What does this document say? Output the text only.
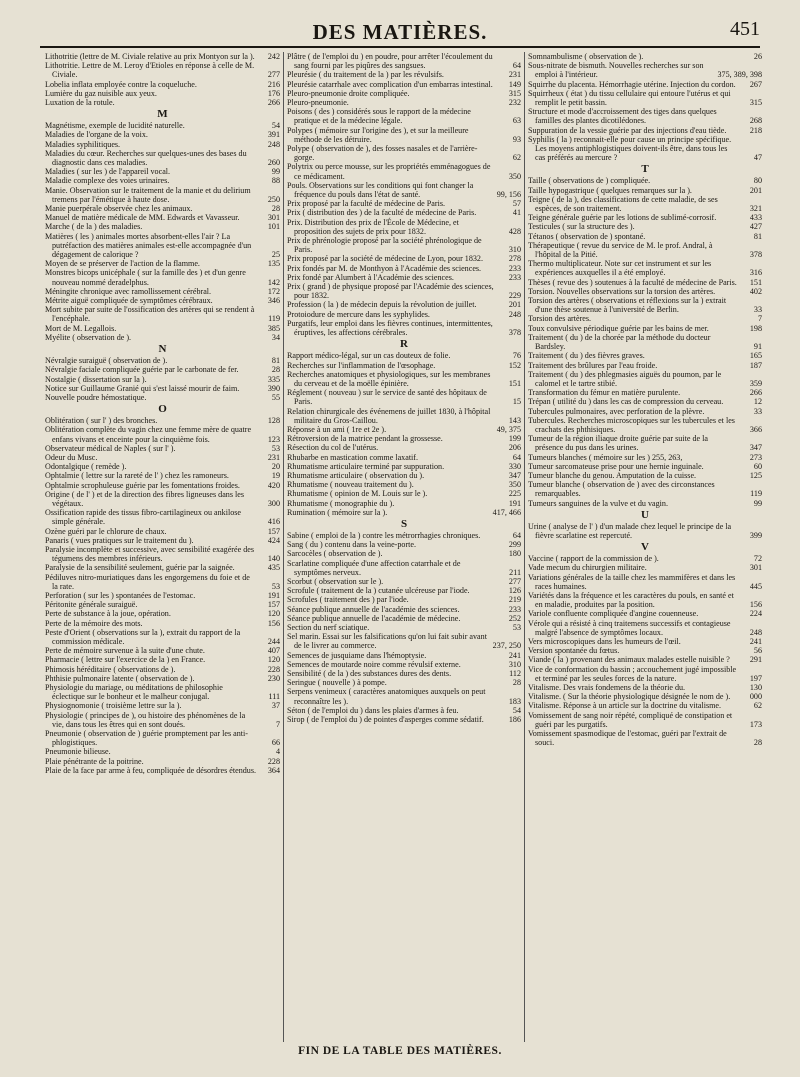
DES MATIÈRES.	451
Lithotritie (lettre de M. Civiale relative au prix Montyon sur la ).	242
Lithotritie. Lettre de M. Leroy d'Etioles en réponse à celle de M. Civiale.	277
Lobelia inflata employée contre la coqueluche.	216
Lumière du gaz nuisible aux yeux.	176
Luxation de la rotule.	266
M
Magnétisme, exemple de lucidité naturelle.	54
Maladies de l'organe de la voix.	391
Maladies syphilitiques.	248
Maladies du cœur. Recherches sur quelques-unes des bases du diagnostic dans ces maladies.	260
Maladies ( sur les ) de l'appareil vocal.	99
Maladie complexe des voies urinaires.	88
Manie. Observation sur le traitement de la manie et du delirium tremens par l'émétique à haute dose.	250
Manie puerpérale observée chez les animaux.	28
Manuel de matière médicale de MM. Edwards et Vavasseur.	301
Marche ( de la ) des maladies.	101
Matières ( les ) animales mortes absorbent-elles l'air ? La putréfaction des matières animales est-elle accompagnée d'un dégagement de calorique ?	25
Moyen de se préserver de l'action de la flamme.	135
Monstres bicops unicéphale ( sur la famille des ) et d'un genre nouveau nommé deradelphus.	142
Méningite chronique avec ramollissement cérébral.	172
Métrite aiguë compliquée de symptômes cérébraux.	346
Mort subite par suite de l'ossification des artères qui se rendent à l'encéphale.	119
Mort de M. Legallois.	385
Myélite ( observation de ).	34
N
Névralgie suraiguë ( observation de ).	81
Névralgie faciale compliquée guérie par le carbonate de fer.	28
Nostalgie ( dissertation sur la ).	335
Notice sur Guillaume Granié qui s'est laissé mourir de faim.	390
Nouvelle poudre hémostatique.	55
O
Oblitération ( sur l' ) des bronches.	128
Oblitération complète du vagin chez une femme mère de quatre enfans vivans et enceinte pour la cinquième fois.	123
Observateur médical de Naples ( sur l' ).	53
Odeur du Musc.	231
Odontalgique ( remède ).	20
Ophtalmie ( lettre sur la rareté de l' ) chez les ramoneurs.	19
Ophtalmie scrophuleuse guérie par les fomentations froides.	420
Origine ( de l' ) et de la direction des fibres ligneuses dans les végétaux.	300
Ossification rapide des tissus fibro-cartilagineux ou ankilose simple générale.	416
Ozène guéri par le chlorure de chaux.	157
Panaris ( vues pratiques sur le traitement du ).	424
Paralysie incomplète et successive, avec sensibilité exagérée des tégumens des membres inférieurs.	140
Paralysie de la sensibilité seulement, guérie par la saignée.	435
Pédiluves nitro-muriatiques dans les engorgemens du foie et de la rate.	53
Perforation ( sur les ) spontanées de l'estomac.	191
Péritonite générale suraiguë.	157
Perte de substance à la joue, opération.	120
Perte de la mémoire des mots.	156
Peste d'Orient ( observations sur la ), extrait du rapport de la commission médicale.	244
Perte de mémoire survenue à la suite d'une chute.	407
Pharmacie ( lettre sur l'exercice de la ) en France.	120
Phimosis héréditaire ( observations de ).	228
Phthisie pulmonaire latente ( observation de ).	230
Physiologie du mariage, ou méditations de philosophie éclectique sur le bonheur et le malheur conjugal.	111
Physiognomonie ( troisième lettre sur la ).	37
Physiologie ( principes de ), ou histoire des phénomènes de la vie, dans tous les êtres qui en sont doués.	7
Pneumonie ( observation de ) guérie promptement par les anti-phlogistiques.	66
Pneumonie bilieuse.	4
Plaie pénétrante de la poitrine.	228
Plaie de la face par arme à feu, compliquée de désordres étendus.	364
Plâtre ( de l'emploi du ) en poudre, pour arrêter l'écoulement du sang fourni par les piqûres des sangsues.	64
Pleurésie ( du traitement de la ) par les révulsifs.	231
Pleurésie catarrhale avec complication d'un embarras intestinal.	149
Pleuro-pneumonie droite compliquée.	315
Pleuro-pneumonie.	232
Poisons ( des ) considérés sous le rapport de la médecine pratique et de la médecine légale.	63
Polypes ( mémoire sur l'origine des ), et sur la meilleure méthode de les détruire.	93
Polype ( observation de ), des fosses nasales et de l'arrière-gorge.	62
Polytrix ou perce mousse, sur les propriétés emménagogues de ce médicament.	350
Pouls. Observations sur les conditions qui font changer la fréquence du pouls dans l'état de santé.	99, 156
Prix proposé par la faculté de médecine de Paris.	57
Prix ( distribution des ) de la faculté de médecine de Paris.	41
Prix. Distribution des prix de l'École de Médecine, et proposition des sujets de prix pour 1832.	428
Prix de phrénologie proposé par la société phrénologique de Paris.	310
Prix proposé par la société de médecine de Lyon, pour 1832.	278
Prix fondés par M. de Monthyon à l'Académie des sciences.	233
Prix fondé par Alumbert à l'Académie des sciences.	233
Prix ( grand ) de physique proposé par l'Académie des sciences, pour 1832.	229
Profession ( la ) de médecin depuis la révolution de juillet.	201
Protoiodure de mercure dans les syphylides.	248
Purgatifs, leur emploi dans les fièvres continues, intermittentes, éruptives, les affections cérébrales.	378
R
Rapport médico-légal, sur un cas douteux de folie.	76
Recherches sur l'inflammation de l'œsophage.	152
Recherches anatomiques et physiologiques, sur les membranes du cerveau et de la moëlle épinière.	151
Réglement ( nouveau ) sur le service de santé des hôpitaux de Paris.	15
Relation chirurgicale des événemens de juillet 1830, à l'hôpital militaire du Gros-Caillou.	143
Réponse à un ami ( 1re et 2e ).	49, 375
Rétroversion de la matrice pendant la grossesse.	199
Résection du col de l'utérus.	206
Rhubarbe en mastication comme laxatif.	64
Rhumatisme articulaire terminé par suppuration.	330
Rhumatisme articulaire ( observation du ).	347
Rhumatisme ( nouveau traitement du ).	350
Rhumatisme ( opinion de M. Louis sur le ).	225
Rhumatisme ( monographie du ).	191
Rumination ( mémoire sur la ).	417, 466
S
Sabine ( emploi de la ) contre les métrorrhagies chroniques.	64
Sang ( du ) contenu dans la veine-porte.	299
Sarcocèles ( observation de ).	180
Scarlatine compliquée d'une affection catarrhale et de symptômes nerveux.	211
Scorbut ( observation sur le ).	277
Scrofule ( traitement de la ) cutanée ulcéreuse par l'iode.	126
Scrofules ( traitement des ) par l'iode.	219
Séance publique annuelle de l'académie des sciences.	233
Séance publique annuelle de l'académie de médecine.	252
Section du nerf sciatique.	53
Sel marin. Essai sur les falsifications qu'on lui fait subir avant de le livrer au commerce.	237, 250
Semences de jusquiame dans l'hémoptysie.	241
Semences de moutarde noire comme révulsif externe.	310
Sensibilité ( de la ) des substances dures des dents.	112
Seringue ( nouvelle ) à pompe.	28
Serpens venimeux ( caractères anatomiques auxquels on peut reconnaître les ).	183
Séton ( de l'emploi du ) dans les plaies d'armes à feu.	54
Sirop ( de l'emploi du ) de pointes d'asperges comme sédatif.	186
Somnambulisme ( observation de ).	26
Sous-nitrate de bismuth. Nouvelles recherches sur son emploi à l'intérieur.	375, 389, 398
Squirrhe du placenta. Hémorrhagie utérine. Injection du cordon.	267
Squirrheux ( état ) du tissu cellulaire qui entoure l'utérus et qui remplit le petit bassin.	315
Structure et mode d'accroissement des tiges dans quelques familles des plantes dicotilédones.	268
Suppuration de la vessie guérie par des injections d'eau tiède.	218
Syphilis ( la ) reconnait-elle pour cause un principe spécifique. Les moyens antiphlogistiques doivent-ils être, dans tous les cas préférés au mercure ?	47
T
Taille ( observations de ) compliquée.	80
Taille hypogastrique ( quelques remarques sur la ).	201
Teigne ( de la ), des classifications de cette maladie, de ses espèces, de son traitement.	321
Teigne générale guérie par les lotions de sublimé-corrosif.	433
Testicules ( sur la structure des ).	427
Tétanos ( observation de ) spontané.	81
Thérapeutique ( revue du service de M. le prof. Andral, à l'hôpital de la Pitié.	378
Thermo multiplicateur. Note sur cet instrument et sur les expériences auxquelles il a été employé.	316
Thèses ( revue des ) soutenues à la faculté de médecine de Paris.	151
Torsion. Nouvelles observations sur la torsion des artères.	402
Torsion des artères ( observations et réflexions sur la ) extrait d'une thèse soutenue à l'université de Berlin.	33
Torsion des artères.	7
Toux convulsive périodique guérie par les bains de mer.	198
Traitement ( du ) de la chorée par la méthode du docteur Bardsley.	91
Traitement ( du ) des fièvres graves.	165
Traitement des brûlures par l'eau froide.	187
Traitement ( du ) des phlegmasies aiguës du poumon, par le calomel et le tartre stibié.	359
Transformation du fémur en matière purulente.	266
Trépan ( utilité du ) dans les cas de compression du cerveau.	12
Tubercules pulmonaires, avec perforation de la plèvre.	33
Tubercules. Recherches microscopiques sur les tubercules et les crachats des phthisiques.	366
Tumeur de la région iliaque droite guérie par suite de la présence du pus dans les urines.	347
Tumeurs blanches ( mémoire sur les ) 255, 263,	273
Tumeur sarcomateuse prise pour une hernie inguinale.	60
Tumeur blanche du genou. Amputation de la cuisse.	125
Tumeur blanche ( observation de ) avec des circonstances remarquables.	119
Tumeurs sanguines de la vulve et du vagin.	99
U
Urine ( analyse de l' ) d'un malade chez lequel le principe de la fièvre scarlatine est repercuté.	399
V
Vaccine ( rapport de la commission de ).	72
Vade mecum du chirurgien militaire.	301
Variations générales de la taille chez les mammifères et dans les races humaines.	445
Variétés dans la fréquence et les caractères du pouls, en santé et en maladie, produites par la position.	156
Variole confluente compliquée d'angine couenneuse.	224
Vérole qui a résisté à cinq traitemens successifs et contagieuse malgré l'absence de symptômes locaux.	248
Vers microscopiques dans les humeurs de l'œil.	241
Version spontanée du fœtus.	56
Viande ( la ) provenant des animaux malades estelle nuisible ?	291
Vice de conformation du bassin ; accouchement jugé impossible et terminé par les seules forces de la nature.	197
Vitalisme. Des vrais fondemens de la théorie du.	130
Vitalisme. ( Sur la théorie physiologique désignée le nom de ).	000
Vitalisme. Réponse à un article sur la doctrine du vitalisme.	62
Vomissement de sang noir répété, compliqué de constipation et guéri par les purgatifs.	173
Vomissement spasmodique de l'estomac, guéri par l'extrait de souci.	28
FIN DE LA TABLE DES MATIÈRES.
